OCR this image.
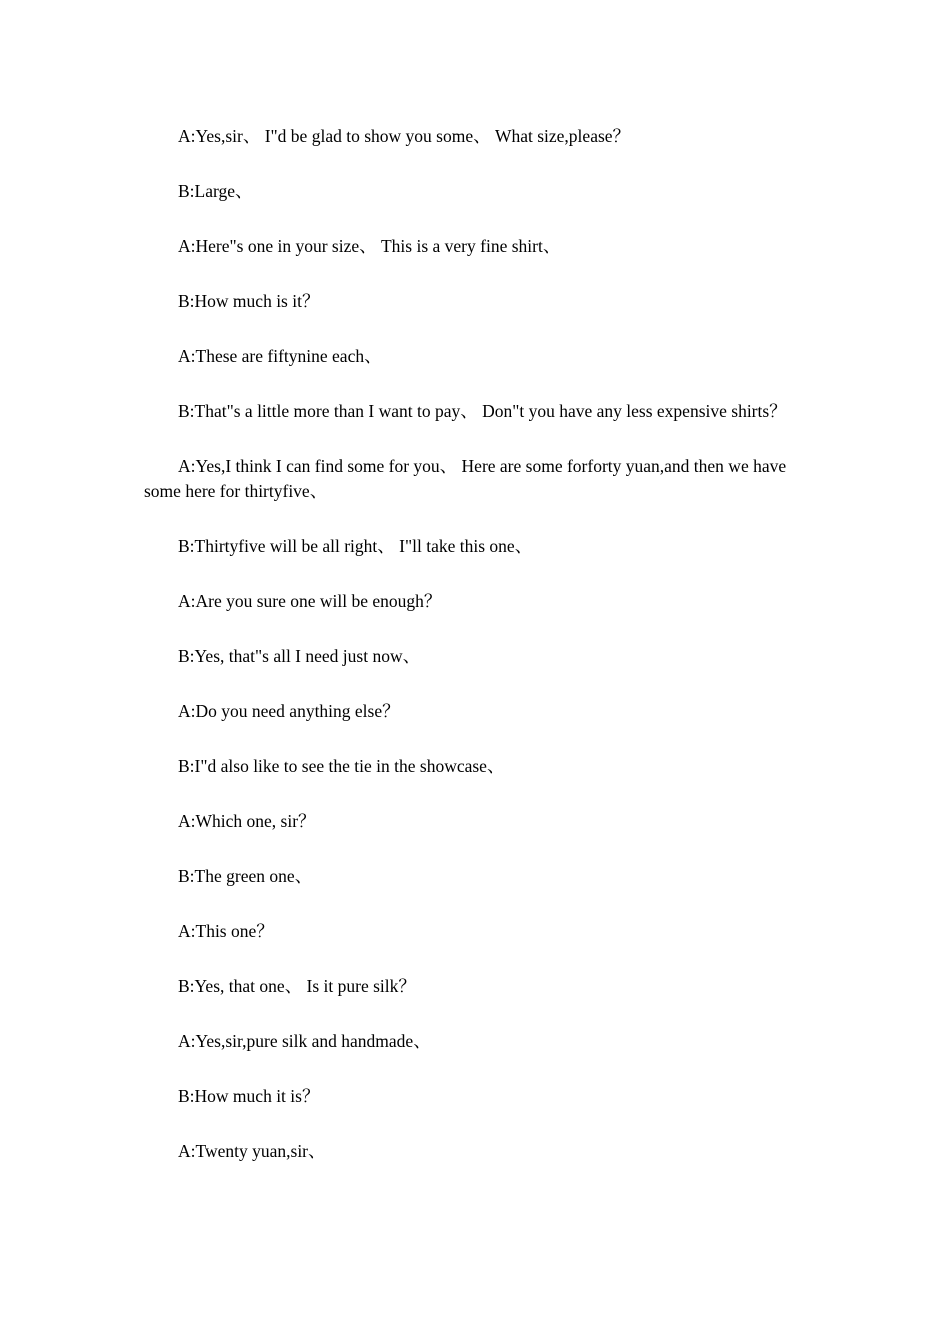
A:Yes,sir、 I"d be glad to show you some、 What size,please？

B:Large、

A:Here"s one in your size、 This is a very fine shirt、

B:How much is it？

A:These are fiftynine each、

B:That"s a little more than I want to pay、 Don"t you have any less expensive shirts？

A:Yes,I think I can find some for you、 Here are some forforty yuan,and then we have some here for thirtyfive、

B:Thirtyfive will be all right、 I"ll take this one、

A:Are you sure one will be enough？

B:Yes, that"s all I need just now、

A:Do you need anything else？

B:I"d also like to see the tie in the showcase、

A:Which one, sir？

B:The green one、

A:This one？

B:Yes, that one、 Is it pure silk？

A:Yes,sir,pure silk and handmade、

B:How much it is？

A:Twenty yuan,sir、
